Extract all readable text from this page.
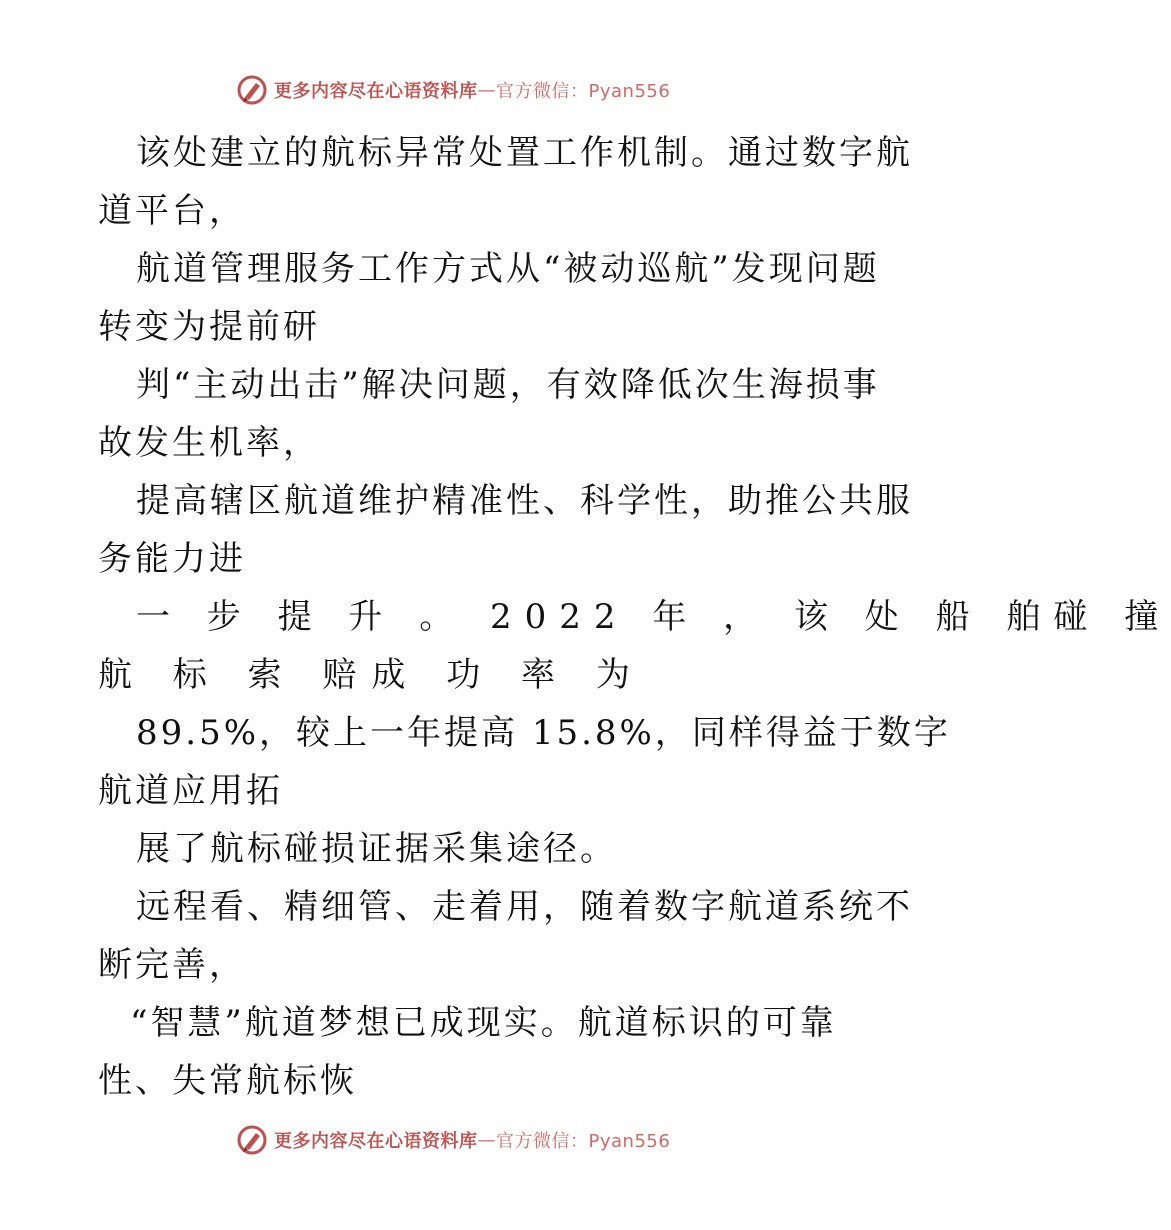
更多内容尽在心语资料库 — 官方微信：Pyan556
该处建立的航标异常处置工作机制。通过数字航
道平台，
航道管理服务工作方式从“被动巡航”发现问题
转变为提前研
判“主动出击”解决问题，有效降低次生海损事
故发生机率，
提高辖区航道维护精准性、科学性，助推公共服
务能力进
一 步 提 升 。 2022 年 ， 该 处 船 舶碰 撞
航 标 索 赔成 功 率 为
89.5%，较上一年提高 15.8%，同样得益于数字
航道应用拓
展了航标碰损证据采集途径。
远程看、精细管、走着用，随着数字航道系统不
断完善，
“智慧”航道梦想已成现实。航道标识的可靠
性、失常航标恢
更多内容尽在心语资料库 — 官方微信：Pyan556
